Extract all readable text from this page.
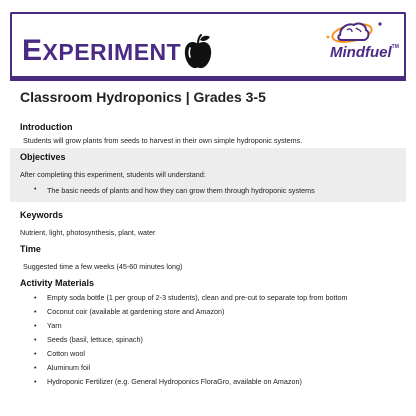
EXPERIMENT	Mindfuel™
Classroom Hydroponics | Grades 3-5
Introduction
Students will grow plants from seeds to harvest in their own simple hydroponic systems.
Objectives
After completing this experiment, students will understand:
• The basic needs of plants and how they can grow them through hydroponic systems
Keywords
Nutrient, light, photosynthesis, plant, water
Time
Suggested time a few weeks (45-60 minutes long)
Activity Materials
• Empty soda bottle (1 per group of 2-3 students), clean and pre-cut to separate top from bottom
• Coconut coir (available at gardening store and Amazon)
• Yarn
• Seeds (basil, lettuce, spinach)
• Cotton wool
• Aluminum foil
• Hydroponic Fertilizer (e.g. General Hydroponics FloraGro, available on Amazon)
